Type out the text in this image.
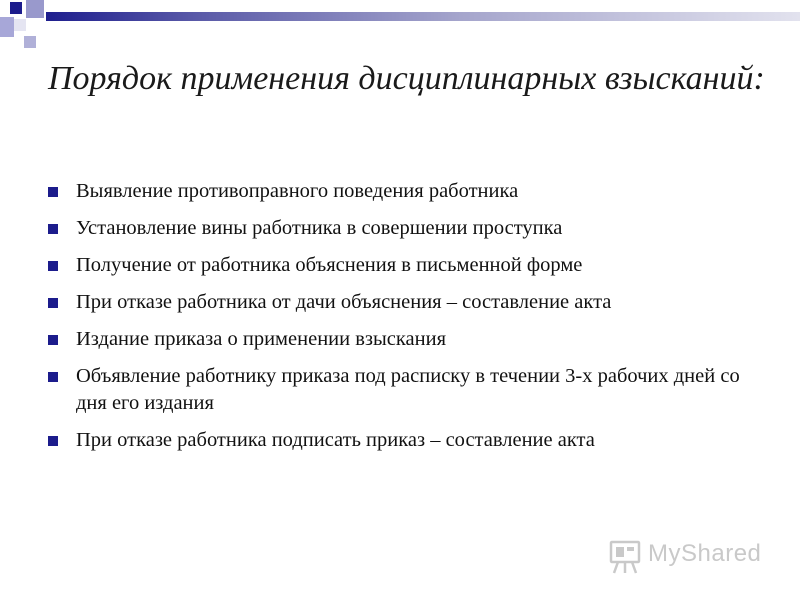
Порядок применения дисциплинарных взысканий:
Выявление противоправного поведения работника
Установление вины работника в совершении проступка
Получение от работника объяснения в письменной форме
При отказе работника от дачи объяснения – составление акта
Издание приказа о применении взыскания
Объявление работнику приказа под расписку в течении 3-х рабочих дней со дня его издания
При отказе работника подписать приказ – составление акта
MyShared
